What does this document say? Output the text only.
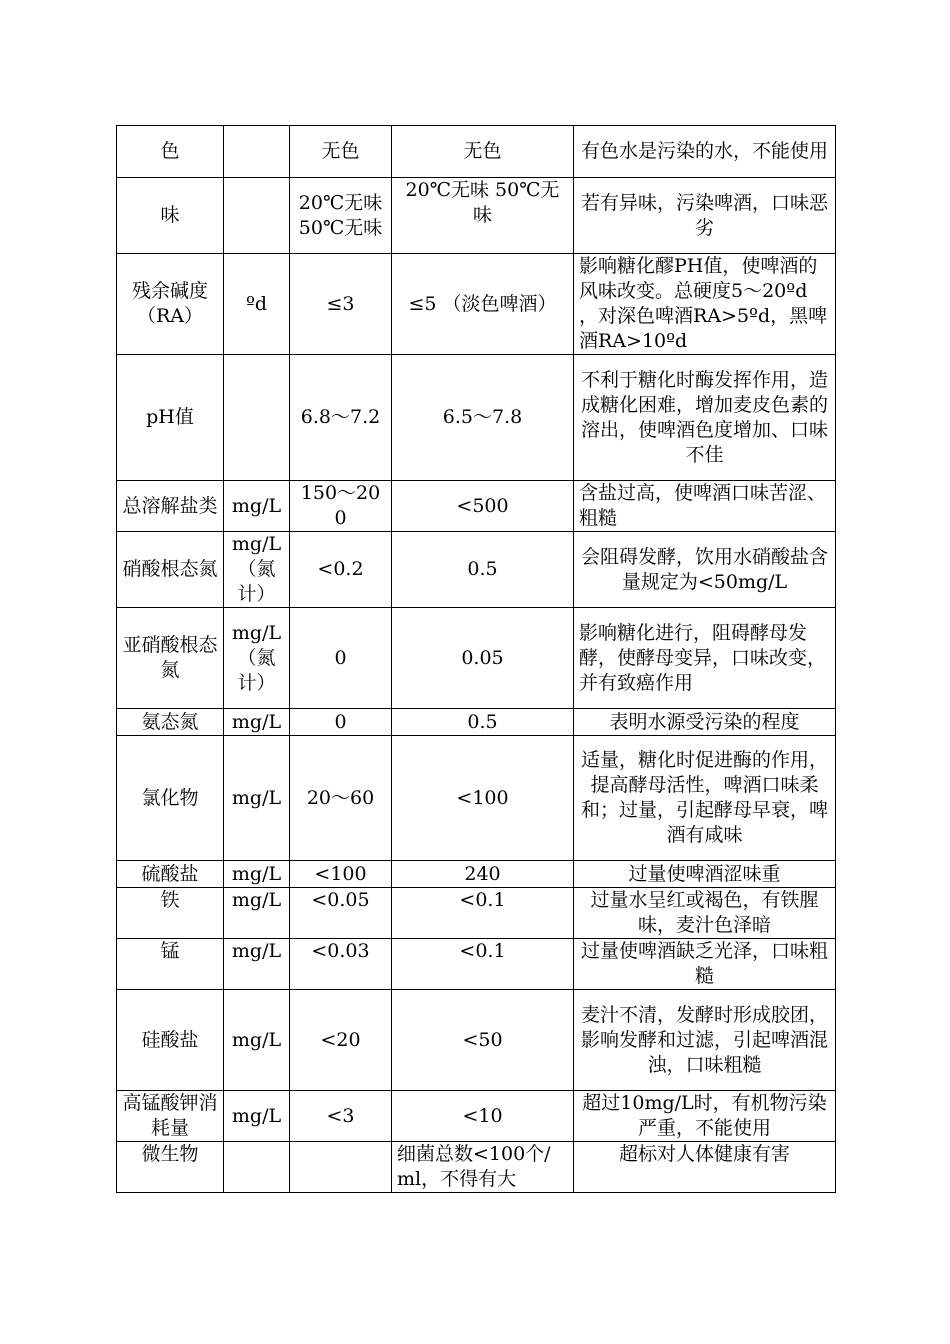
色		无色	无色	有色水是污染的水，不能使用
味		20℃无味 50℃无味	20℃无味 50℃无味	若有异味，污染啤酒，口味恶劣
残余碱度（RA）	ºd	≤3	≤5 （淡色啤酒）	影响糖化醪PH值，使啤酒的风味改变。总硬度5～20ºd ，对深色啤酒RA>5ºd，黑啤酒RA>10ºd
pH值		6.8～7.2	6.5～7.8	不利于糖化时酶发挥作用，造成糖化困难，增加麦皮色素的溶出，使啤酒色度增加、口味不佳
总溶解盐类	mg/L	150～200	<500	含盐过高，使啤酒口味苦涩、粗糙
硝酸根态氮	mg/L（氮计）	<0.2	0.5	会阻碍发酵，饮用水硝酸盐含量规定为<50mg/L
亚硝酸根态氮	mg/L（氮计）	0	0.05	影响糖化进行，阻碍酵母发酵，使酵母变异，口味改变，并有致癌作用
氨态氮	mg/L	0	0.5	表明水源受污染的程度
氯化物	mg/L	20～60	<100	适量，糖化时促进酶的作用，提高酵母活性，啤酒口味柔和；过量，引起酵母早衰，啤酒有咸味
硫酸盐	mg/L	<100	240	过量使啤酒涩味重
铁	mg/L	<0.05	<0.1	过量水呈红或褐色，有铁腥味，麦汁色泽暗
锰	mg/L	<0.03	<0.1	过量使啤酒缺乏光泽，口味粗糙
硅酸盐	mg/L	<20	<50	麦汁不清，发酵时形成胶团，影响发酵和过滤，引起啤酒混浊，口味粗糙
高锰酸钾消耗量	mg/L	<3	<10	超过10mg/L时，有机物污染严重，不能使用
微生物			细菌总数<100个/ml，不得有大	超标对人体健康有害
